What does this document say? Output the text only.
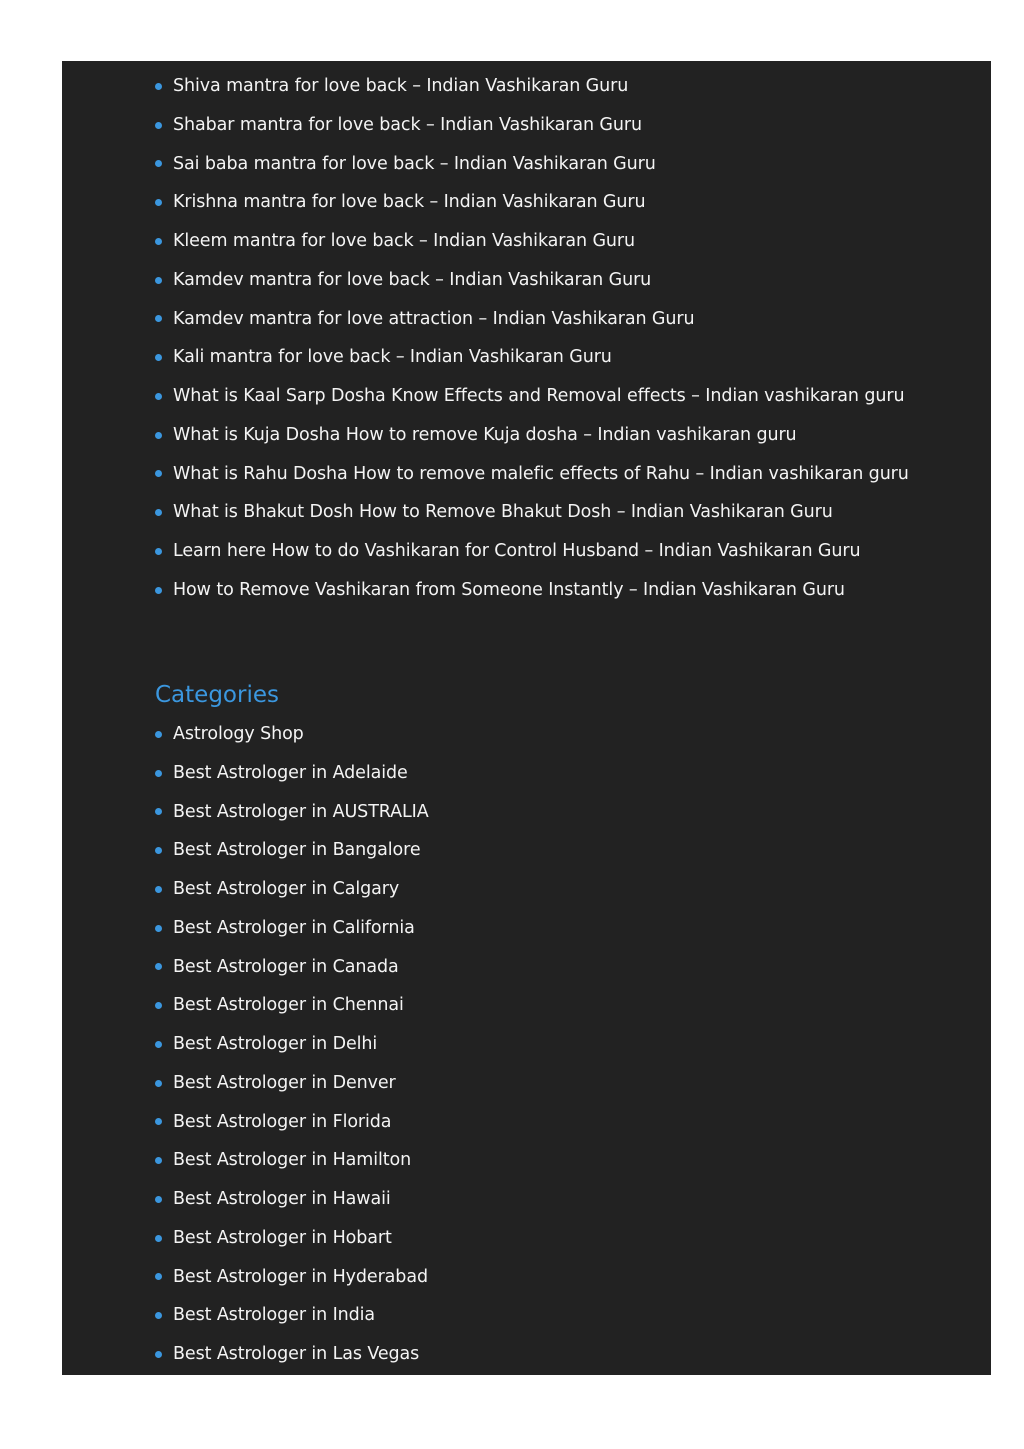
Shiva mantra for love back – Indian Vashikaran Guru
Shabar mantra for love back – Indian Vashikaran Guru
Sai baba mantra for love back – Indian Vashikaran Guru
Krishna mantra for love back – Indian Vashikaran Guru
Kleem mantra for love back – Indian Vashikaran Guru
Kamdev mantra for love back – Indian Vashikaran Guru
Kamdev mantra for love attraction – Indian Vashikaran Guru
Kali mantra for love back – Indian Vashikaran Guru
What is Kaal Sarp Dosha Know Effects and Removal effects – Indian vashikaran guru
What is Kuja Dosha How to remove Kuja dosha – Indian vashikaran guru
What is Rahu Dosha How to remove malefic effects of Rahu – Indian vashikaran guru
What is Bhakut Dosh How to Remove Bhakut Dosh – Indian Vashikaran Guru
Learn here How to do Vashikaran for Control Husband – Indian Vashikaran Guru
How to Remove Vashikaran from Someone Instantly – Indian Vashikaran Guru
Categories
Astrology Shop
Best Astrologer in Adelaide
Best Astrologer in AUSTRALIA
Best Astrologer in Bangalore
Best Astrologer in Calgary
Best Astrologer in California
Best Astrologer in Canada
Best Astrologer in Chennai
Best Astrologer in Delhi
Best Astrologer in Denver
Best Astrologer in Florida
Best Astrologer in Hamilton
Best Astrologer in Hawaii
Best Astrologer in Hobart
Best Astrologer in Hyderabad
Best Astrologer in India
Best Astrologer in Las Vegas
